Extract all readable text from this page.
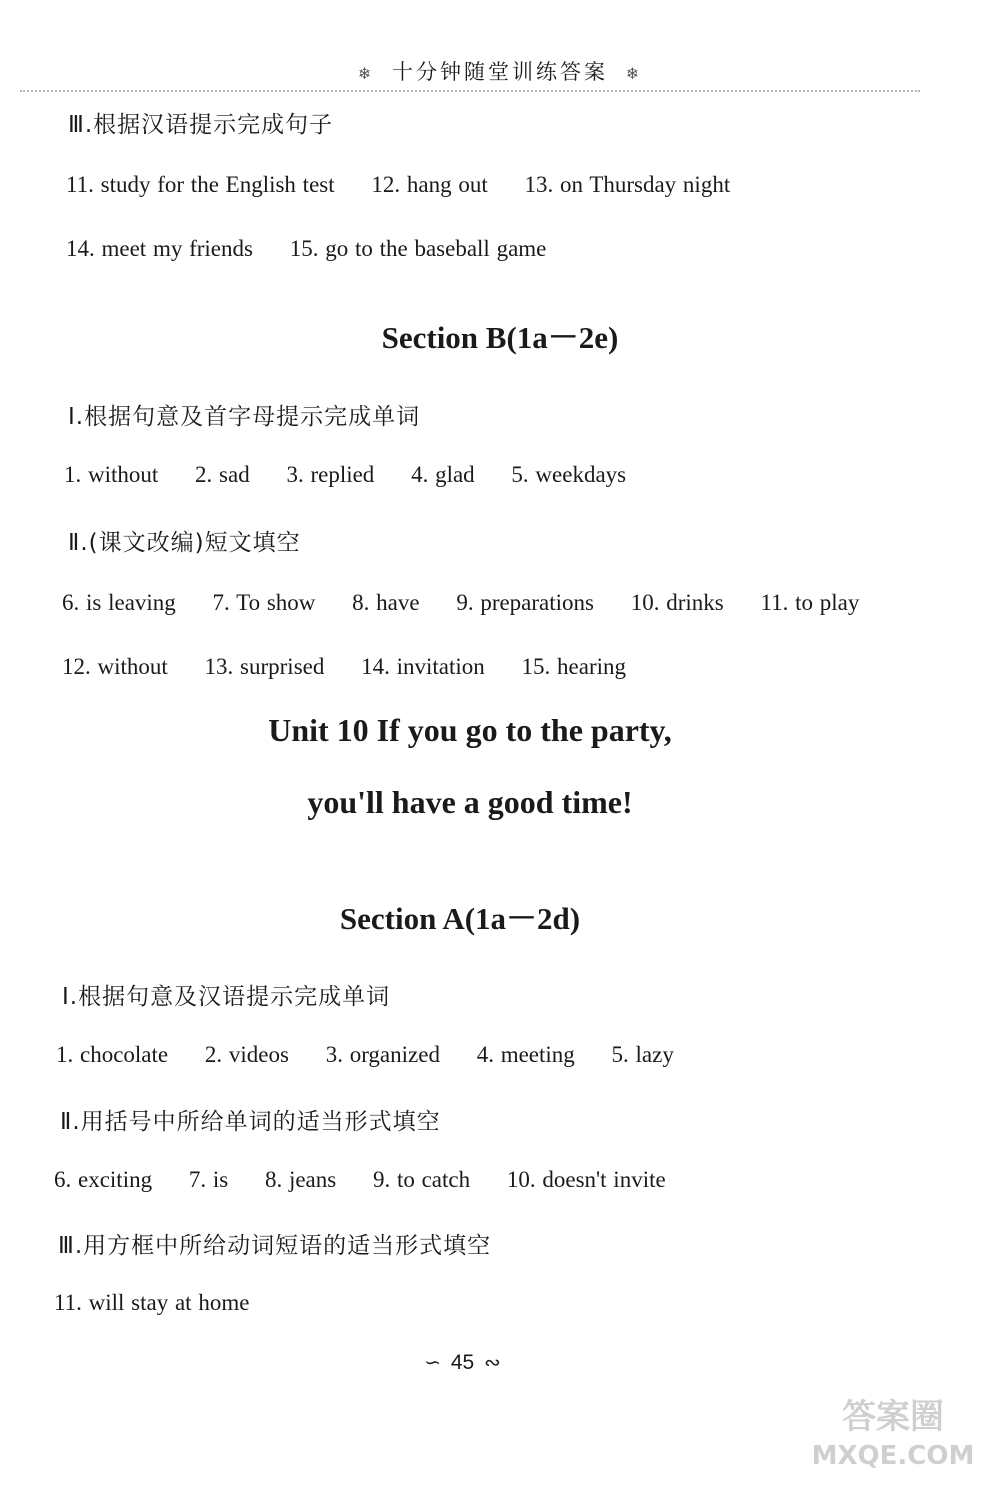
❄ 十分钟随堂训练答案 ❄
Ⅲ.根据汉语提示完成句子
11. study for the English test 12. hang out 13. on Thursday night
14. meet my friends 15. go to the baseball game
Section B(1a－2e)
Ⅰ.根据句意及首字母提示完成单词
1. without 2. sad 3. replied 4. glad 5. weekdays
Ⅱ.(课文改编)短文填空
6. is leaving 7. To show 8. have 9. preparations 10. drinks 11. to play
12. without 13. surprised 14. invitation 15. hearing
Unit 10 If you go to the party,
you'll have a good time!
Section A(1a－2d)
Ⅰ.根据句意及汉语提示完成单词
1. chocolate 2. videos 3. organized 4. meeting 5. lazy
Ⅱ.用括号中所给单词的适当形式填空
6. exciting 7. is 8. jeans 9. to catch 10. doesn't invite
Ⅲ.用方框中所给动词短语的适当形式填空
11. will stay at home
∽ 45 ∾
答案圈
MXQE.COM
